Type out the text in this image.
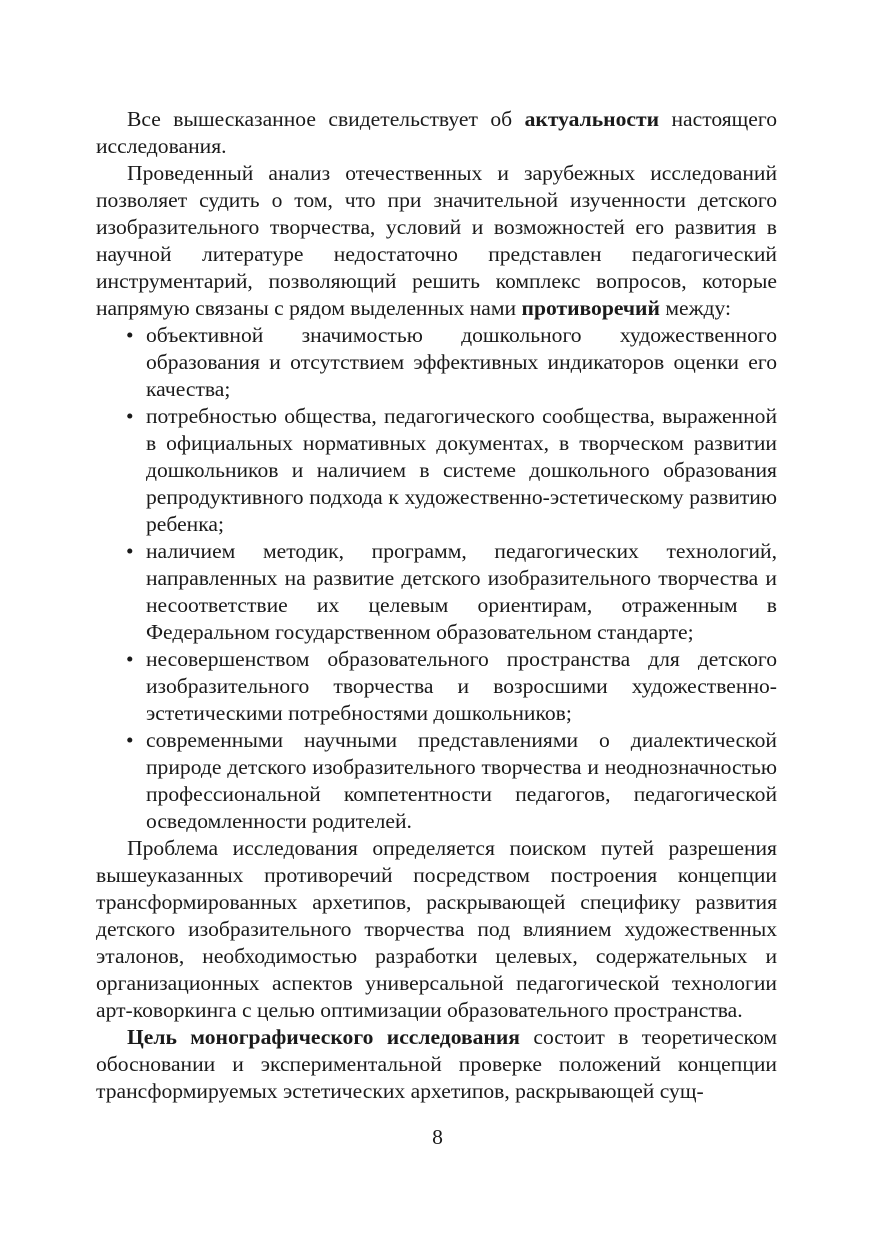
Все вышесказанное свидетельствует об актуальности настоящего исследования.

Проведенный анализ отечественных и зарубежных исследований позволяет судить о том, что при значительной изученности детского изобразительного творчества, условий и возможностей его развития в научной литературе недостаточно представлен педагогический инструментарий, позволяющий решить комплекс вопросов, которые напрямую связаны с рядом выделенных нами противоречий между:

• объективной значимостью дошкольного художественного образования и отсутствием эффективных индикаторов оценки его качества;
• потребностью общества, педагогического сообщества, выраженной в официальных нормативных документах, в творческом развитии дошкольников и наличием в системе дошкольного образования репродуктивного подхода к художественно-эстетическому развитию ребенка;
• наличием методик, программ, педагогических технологий, направленных на развитие детского изобразительного творчества и несоответствие их целевым ориентирам, отраженным в Федеральном государственном образовательном стандарте;
• несовершенством образовательного пространства для детского изобразительного творчества и возросшими художественно-эстетическими потребностями дошкольников;
• современными научными представлениями о диалектической природе детского изобразительного творчества и неоднозначностью профессиональной компетентности педагогов, педагогической осведомленности родителей.

Проблема исследования определяется поиском путей разрешения вышеуказанных противоречий посредством построения концепции трансформированных архетипов, раскрывающей специфику развития детского изобразительного творчества под влиянием художественных эталонов, необходимостью разработки целевых, содержательных и организационных аспектов универсальной педагогической технологии арт-коворкинга с целью оптимизации образовательного пространства.

Цель монографического исследования состоит в теоретическом обосновании и экспериментальной проверке положений концепции трансформируемых эстетических архетипов, раскрывающей сущ-

8
